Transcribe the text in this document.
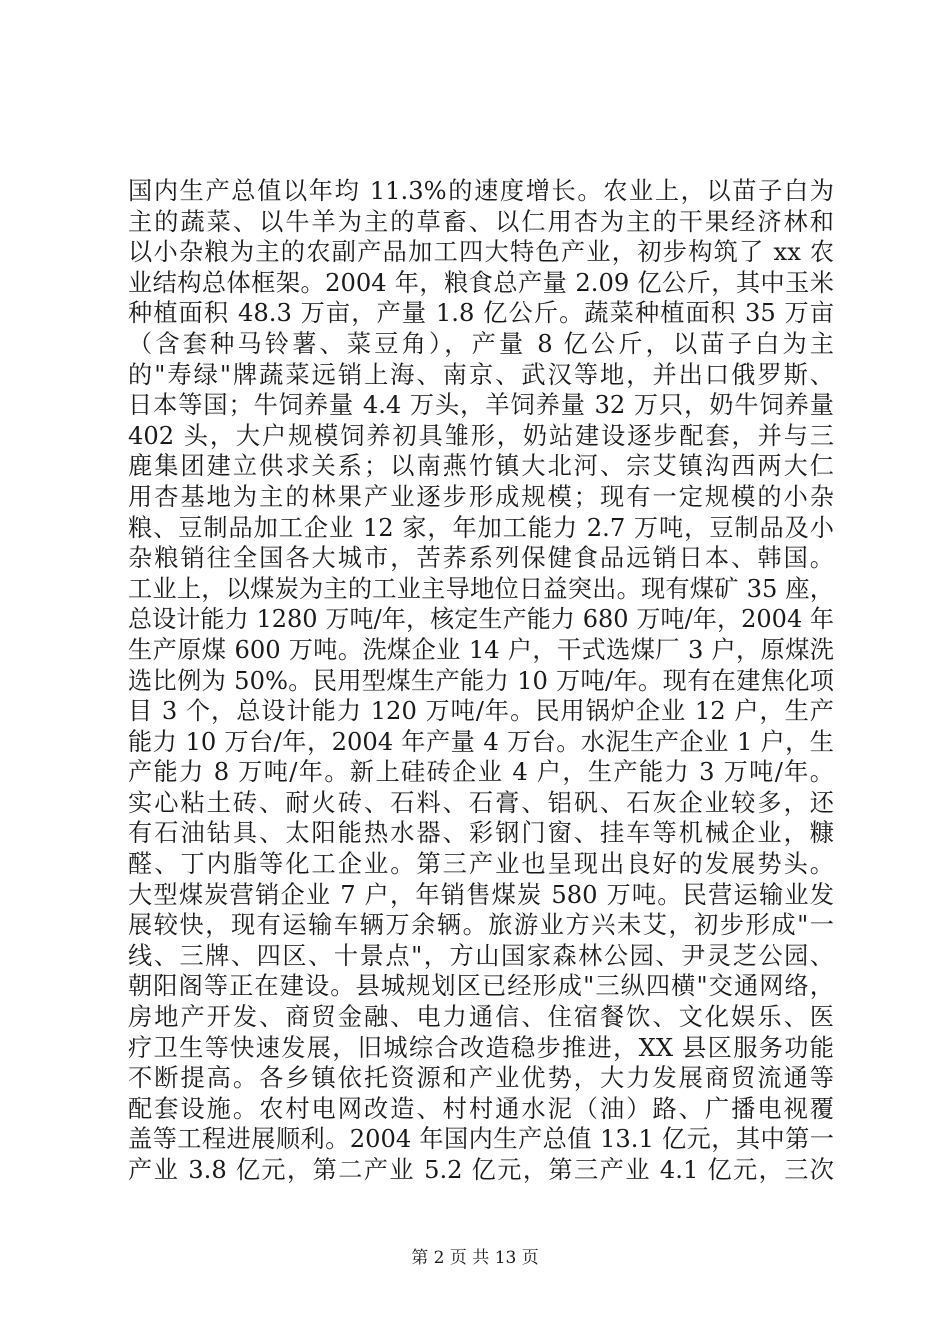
国内生产总值以年均 11.3%的速度增长。农业上，以苗子白为
主的蔬菜、以牛羊为主的草畜、以仁用杏为主的干果经济林和
以小杂粮为主的农副产品加工四大特色产业，初步构筑了 xx 农
业结构总体框架。2004 年，粮食总产量 2.09 亿公斤，其中玉米
种植面积 48.3 万亩，产量 1.8 亿公斤。蔬菜种植面积 35 万亩
（含套种马铃薯、菜豆角），产量 8 亿公斤，以苗子白为主
的"寿绿"牌蔬菜远销上海、南京、武汉等地，并出口俄罗斯、
日本等国；牛饲养量 4.4 万头，羊饲养量 32 万只，奶牛饲养量
402 头，大户规模饲养初具雏形，奶站建设逐步配套，并与三
鹿集团建立供求关系；以南燕竹镇大北河、宗艾镇沟西两大仁
用杏基地为主的林果产业逐步形成规模；现有一定规模的小杂
粮、豆制品加工企业 12 家，年加工能力 2.7 万吨，豆制品及小
杂粮销往全国各大城市，苦荞系列保健食品远销日本、韩国。
工业上，以煤炭为主的工业主导地位日益突出。现有煤矿 35 座，
总设计能力 1280 万吨/年，核定生产能力 680 万吨/年，2004 年
生产原煤 600 万吨。洗煤企业 14 户，干式选煤厂 3 户，原煤洗
选比例为 50%。民用型煤生产能力 10 万吨/年。现有在建焦化项
目 3 个，总设计能力 120 万吨/年。民用锅炉企业 12 户，生产
能力 10 万台/年，2004 年产量 4 万台。水泥生产企业 1 户，生
产能力 8 万吨/年。新上硅砖企业 4 户，生产能力 3 万吨/年。
实心粘土砖、耐火砖、石料、石膏、铝矾、石灰企业较多，还
有石油钻具、太阳能热水器、彩钢门窗、挂车等机械企业，糠
醛、丁内脂等化工企业。第三产业也呈现出良好的发展势头。
大型煤炭营销企业 7 户，年销售煤炭 580 万吨。民营运输业发
展较快，现有运输车辆万余辆。旅游业方兴未艾，初步形成"一
线、三牌、四区、十景点"，方山国家森林公园、尹灵芝公园、
朝阳阁等正在建设。县城规划区已经形成"三纵四横"交通网络，
房地产开发、商贸金融、电力通信、住宿餐饮、文化娱乐、医
疗卫生等快速发展，旧城综合改造稳步推进，XX 县区服务功能
不断提高。各乡镇依托资源和产业优势，大力发展商贸流通等
配套设施。农村电网改造、村村通水泥（油）路、广播电视覆
盖等工程进展顺利。2004 年国内生产总值 13.1 亿元，其中第一
产业 3.8 亿元，第二产业 5.2 亿元，第三产业 4.1 亿元，三次
第 2 页 共 13 页
